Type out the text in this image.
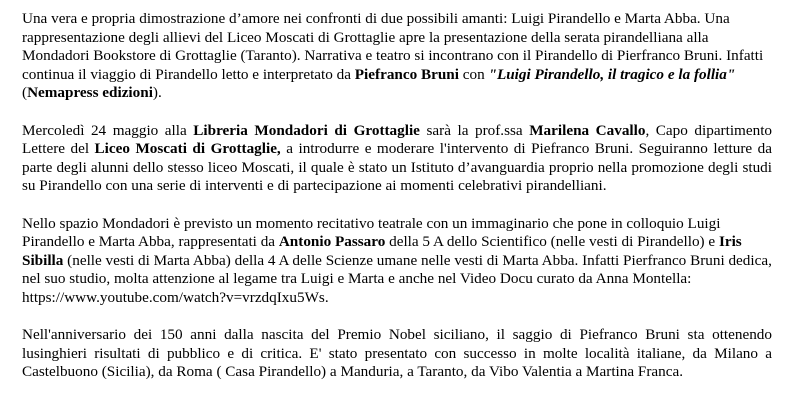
Una vera e propria dimostrazione d’amore nei confronti di due possibili amanti: Luigi Pirandello e Marta Abba. Una rappresentazione degli allievi del Liceo Moscati di Grottaglie apre la presentazione della serata pirandelliana alla Mondadori Bookstore di Grottaglie (Taranto). Narrativa e teatro si incontrano con il Pirandello di Pierfranco Bruni. Infatti continua il viaggio di Pirandello letto e interpretato da Piefranco Bruni con "Luigi Pirandello, il tragico e la follia" (Nemapress edizioni).

Mercoledì 24 maggio alla Libreria Mondadori di Grottaglie sarà la prof.ssa Marilena Cavallo, Capo dipartimento Lettere del Liceo Moscati di Grottaglie, a introdurre e moderare l'intervento di Piefranco Bruni. Seguiranno letture da parte degli alunni dello stesso liceo Moscati, il quale è stato un Istituto d’avanguardia proprio nella promozione degli studi su Pirandello con una serie di interventi e di partecipazione ai momenti celebrativi pirandelliani.

Nello spazio Mondadori è previsto un momento recitativo teatrale con un immaginario che pone in colloquio Luigi Pirandello e Marta Abba, rappresentati da Antonio Passaro della 5 A dello Scientifico (nelle vesti di Pirandello) e Iris Sibilla (nelle vesti di Marta Abba) della 4 A delle Scienze umane nelle vesti di Marta Abba. Infatti Pierfranco Bruni dedica, nel suo studio, molta attenzione al legame tra Luigi e Marta e anche nel Video Docu curato da Anna Montella: https://www.youtube.com/watch?v=vrzdqIxu5Ws.

Nell'anniversario dei 150 anni dalla nascita del Premio Nobel siciliano, il saggio di Piefranco Bruni sta ottenendo lusinghieri risultati di pubblico e di critica. E' stato presentato con successo in molte località italiane, da Milano a Castelbuono (Sicilia), da Roma ( Casa Pirandello) a Manduria, a Taranto, da Vibo Valentia a Martina Franca.
